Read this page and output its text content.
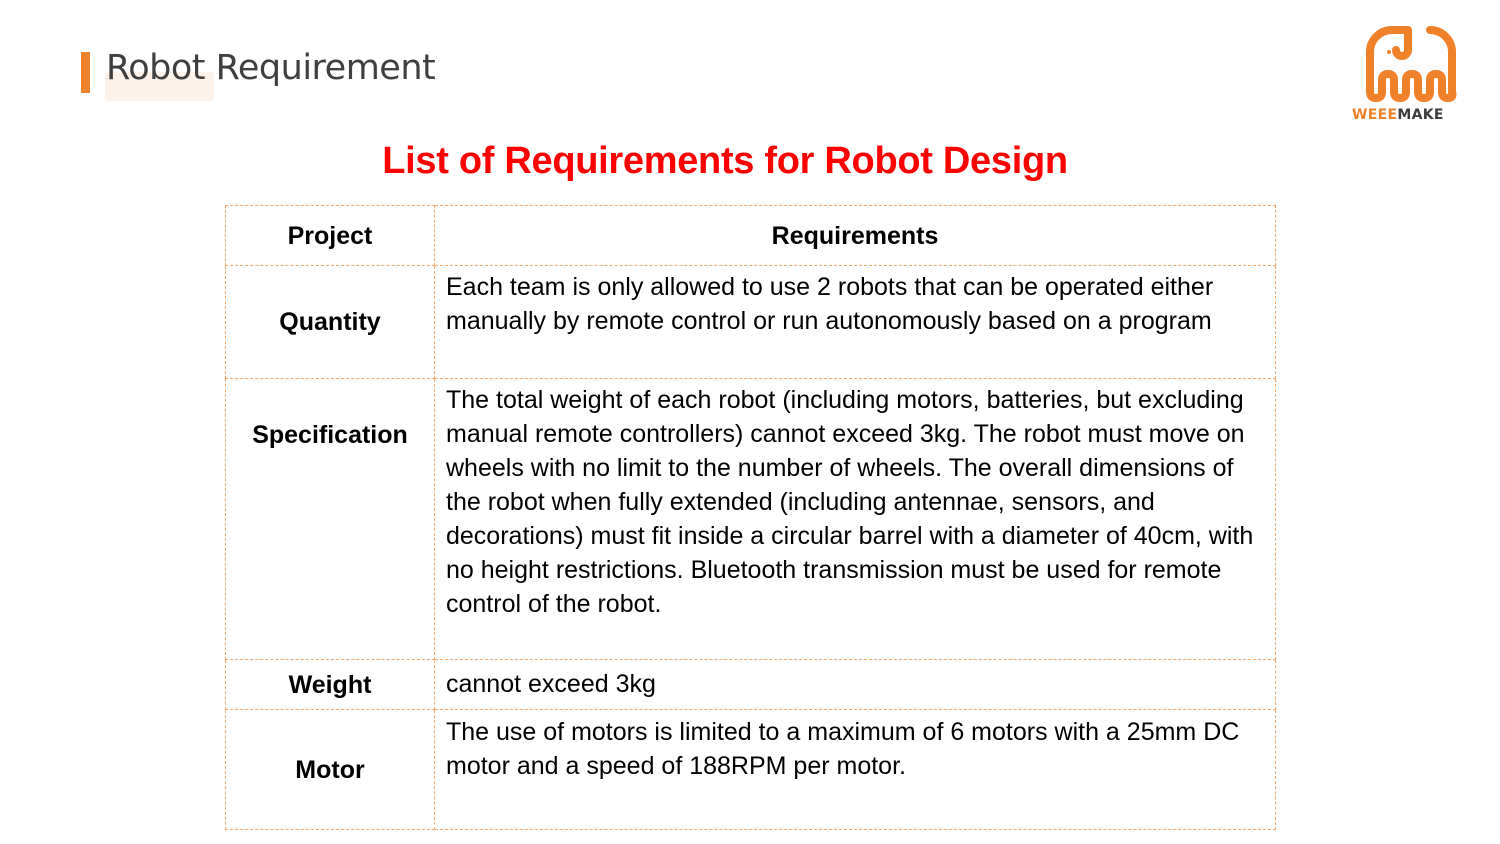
Robot Requirement
WEEEMAKE
List of Requirements for Robot Design
Project	Requirements
Quantity	Each team is only allowed to use 2 robots that can be operated either manually by remote control or run autonomously based on a program
Specification	The total weight of each robot (including motors, batteries, but excluding manual remote controllers) cannot exceed 3kg. The robot must move on wheels with no limit to the number of wheels. The overall dimensions of the robot when fully extended (including antennae, sensors, and decorations) must fit inside a circular barrel with a diameter of 40cm, with no height restrictions. Bluetooth transmission must be used for remote control of the robot.
Weight	cannot exceed 3kg
Motor	The use of motors is limited to a maximum of 6 motors with a 25mm DC motor and a speed of 188RPM per motor.
